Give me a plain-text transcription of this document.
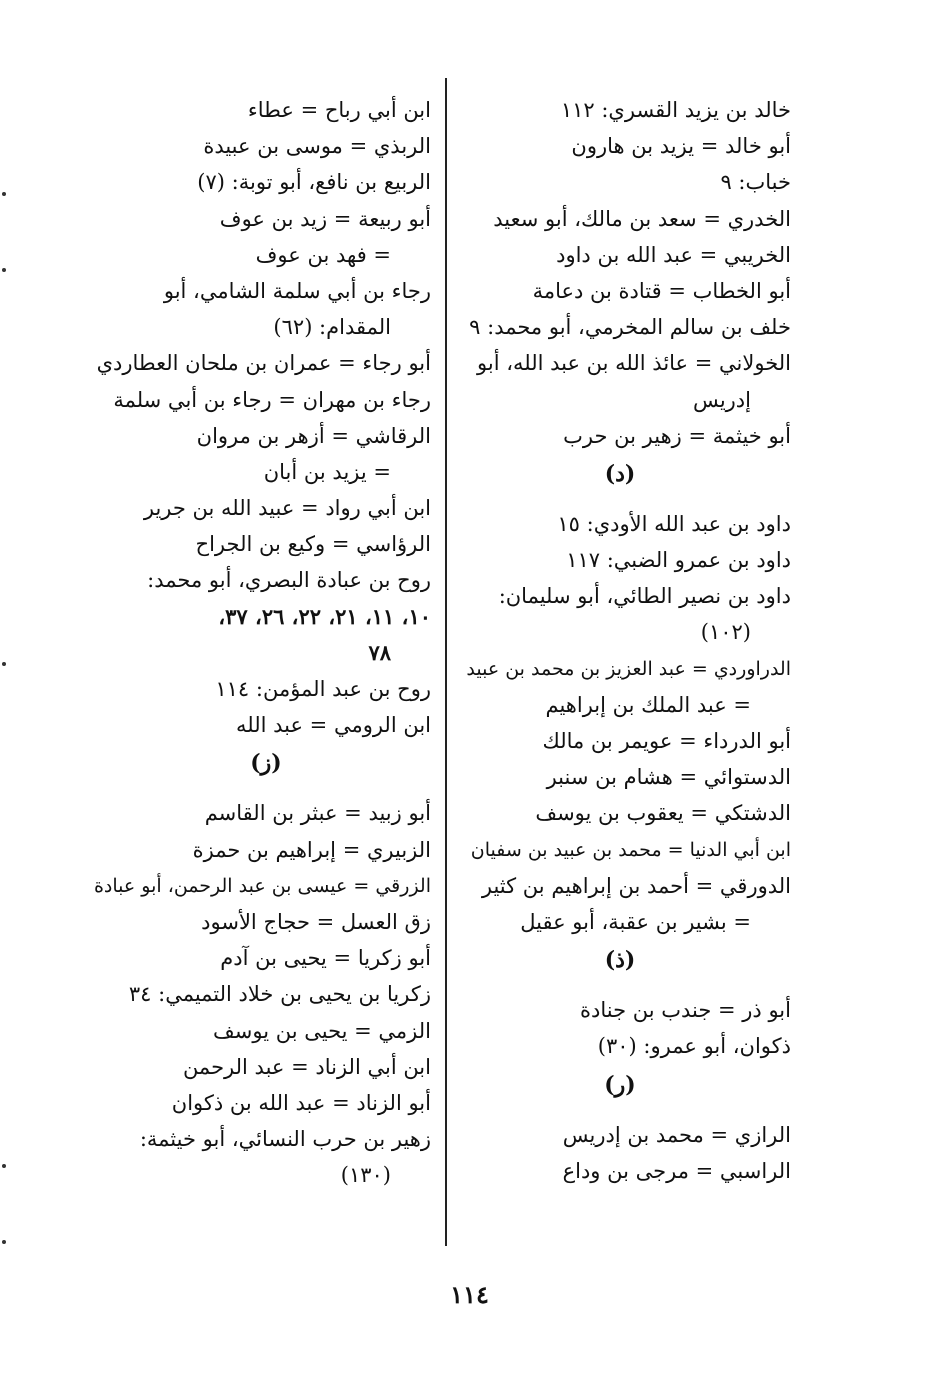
خالد بن يزيد القسري: ١١٢
أبو خالد = يزيد بن هارون
خباب: ٩
الخدري = سعد بن مالك، أبو سعيد
الخريبي = عبد الله بن داود
أبو الخطاب = قتادة بن دعامة
خلف بن سالم المخرمي، أبو محمد: ٩
الخولاني = عائذ الله بن عبد الله، أبو
إدريس
أبو خيثمة = زهير بن حرب
(د)
داود بن عبد الله الأودي: ١٥
داود بن عمرو الضبي: ١١٧
داود بن نصير الطائي، أبو سليمان:
(١٠٢)
الدراوردي = عبد العزيز بن محمد بن عبيد
= عبد الملك بن إبراهيم
أبو الدرداء = عويمر بن مالك
الدستوائي = هشام بن سنبر
الدشتكي = يعقوب بن يوسف
ابن أبي الدنيا = محمد بن عبيد بن سفيان
الدورقي = أحمد بن إبراهيم بن كثير
= بشير بن عقبة، أبو عقيل
(ذ)
أبو ذر = جندب بن جنادة
ذكوان، أبو عمرو: (٣٠)
(ر)
الرازي = محمد بن إدريس
الراسبي = مرجى بن وداع
ابن أبي رباح = عطاء
الربذي = موسى بن عبيدة
الربيع بن نافع، أبو توبة: (٧)
أبو ربيعة = زيد بن عوف
= فهد بن عوف
رجاء بن أبي سلمة الشامي، أبو
المقدام: (٦٢)
أبو رجاء = عمران بن ملحان العطاردي
رجاء بن مهران = رجاء بن أبي سلمة
الرقاشي = أزهر بن مروان
= يزيد بن أبان
ابن أبي رواد = عبيد الله بن جرير
الرؤاسي = وكيع بن الجراح
روح بن عبادة البصري، أبو محمد:
١٠، ١١، ٢١، ٢٢، ٢٦، ٣٧،
٧٨
روح بن عبد المؤمن: ١١٤
ابن الرومي = عبد الله
(ز)
أبو زبيد = عبثر بن القاسم
الزبيري = إبراهيم بن حمزة
الزرقي = عيسى بن عبد الرحمن، أبو عبادة
زق العسل = حجاج الأسود
أبو زكريا = يحيى بن آدم
زكريا بن يحيى بن خلاد التميمي: ٣٤
الزمي = يحيى بن يوسف
ابن أبي الزناد = عبد الرحمن
أبو الزناد = عبد الله بن ذكوان
زهير بن حرب النسائي، أبو خيثمة:
(١٣٠)
١١٤
